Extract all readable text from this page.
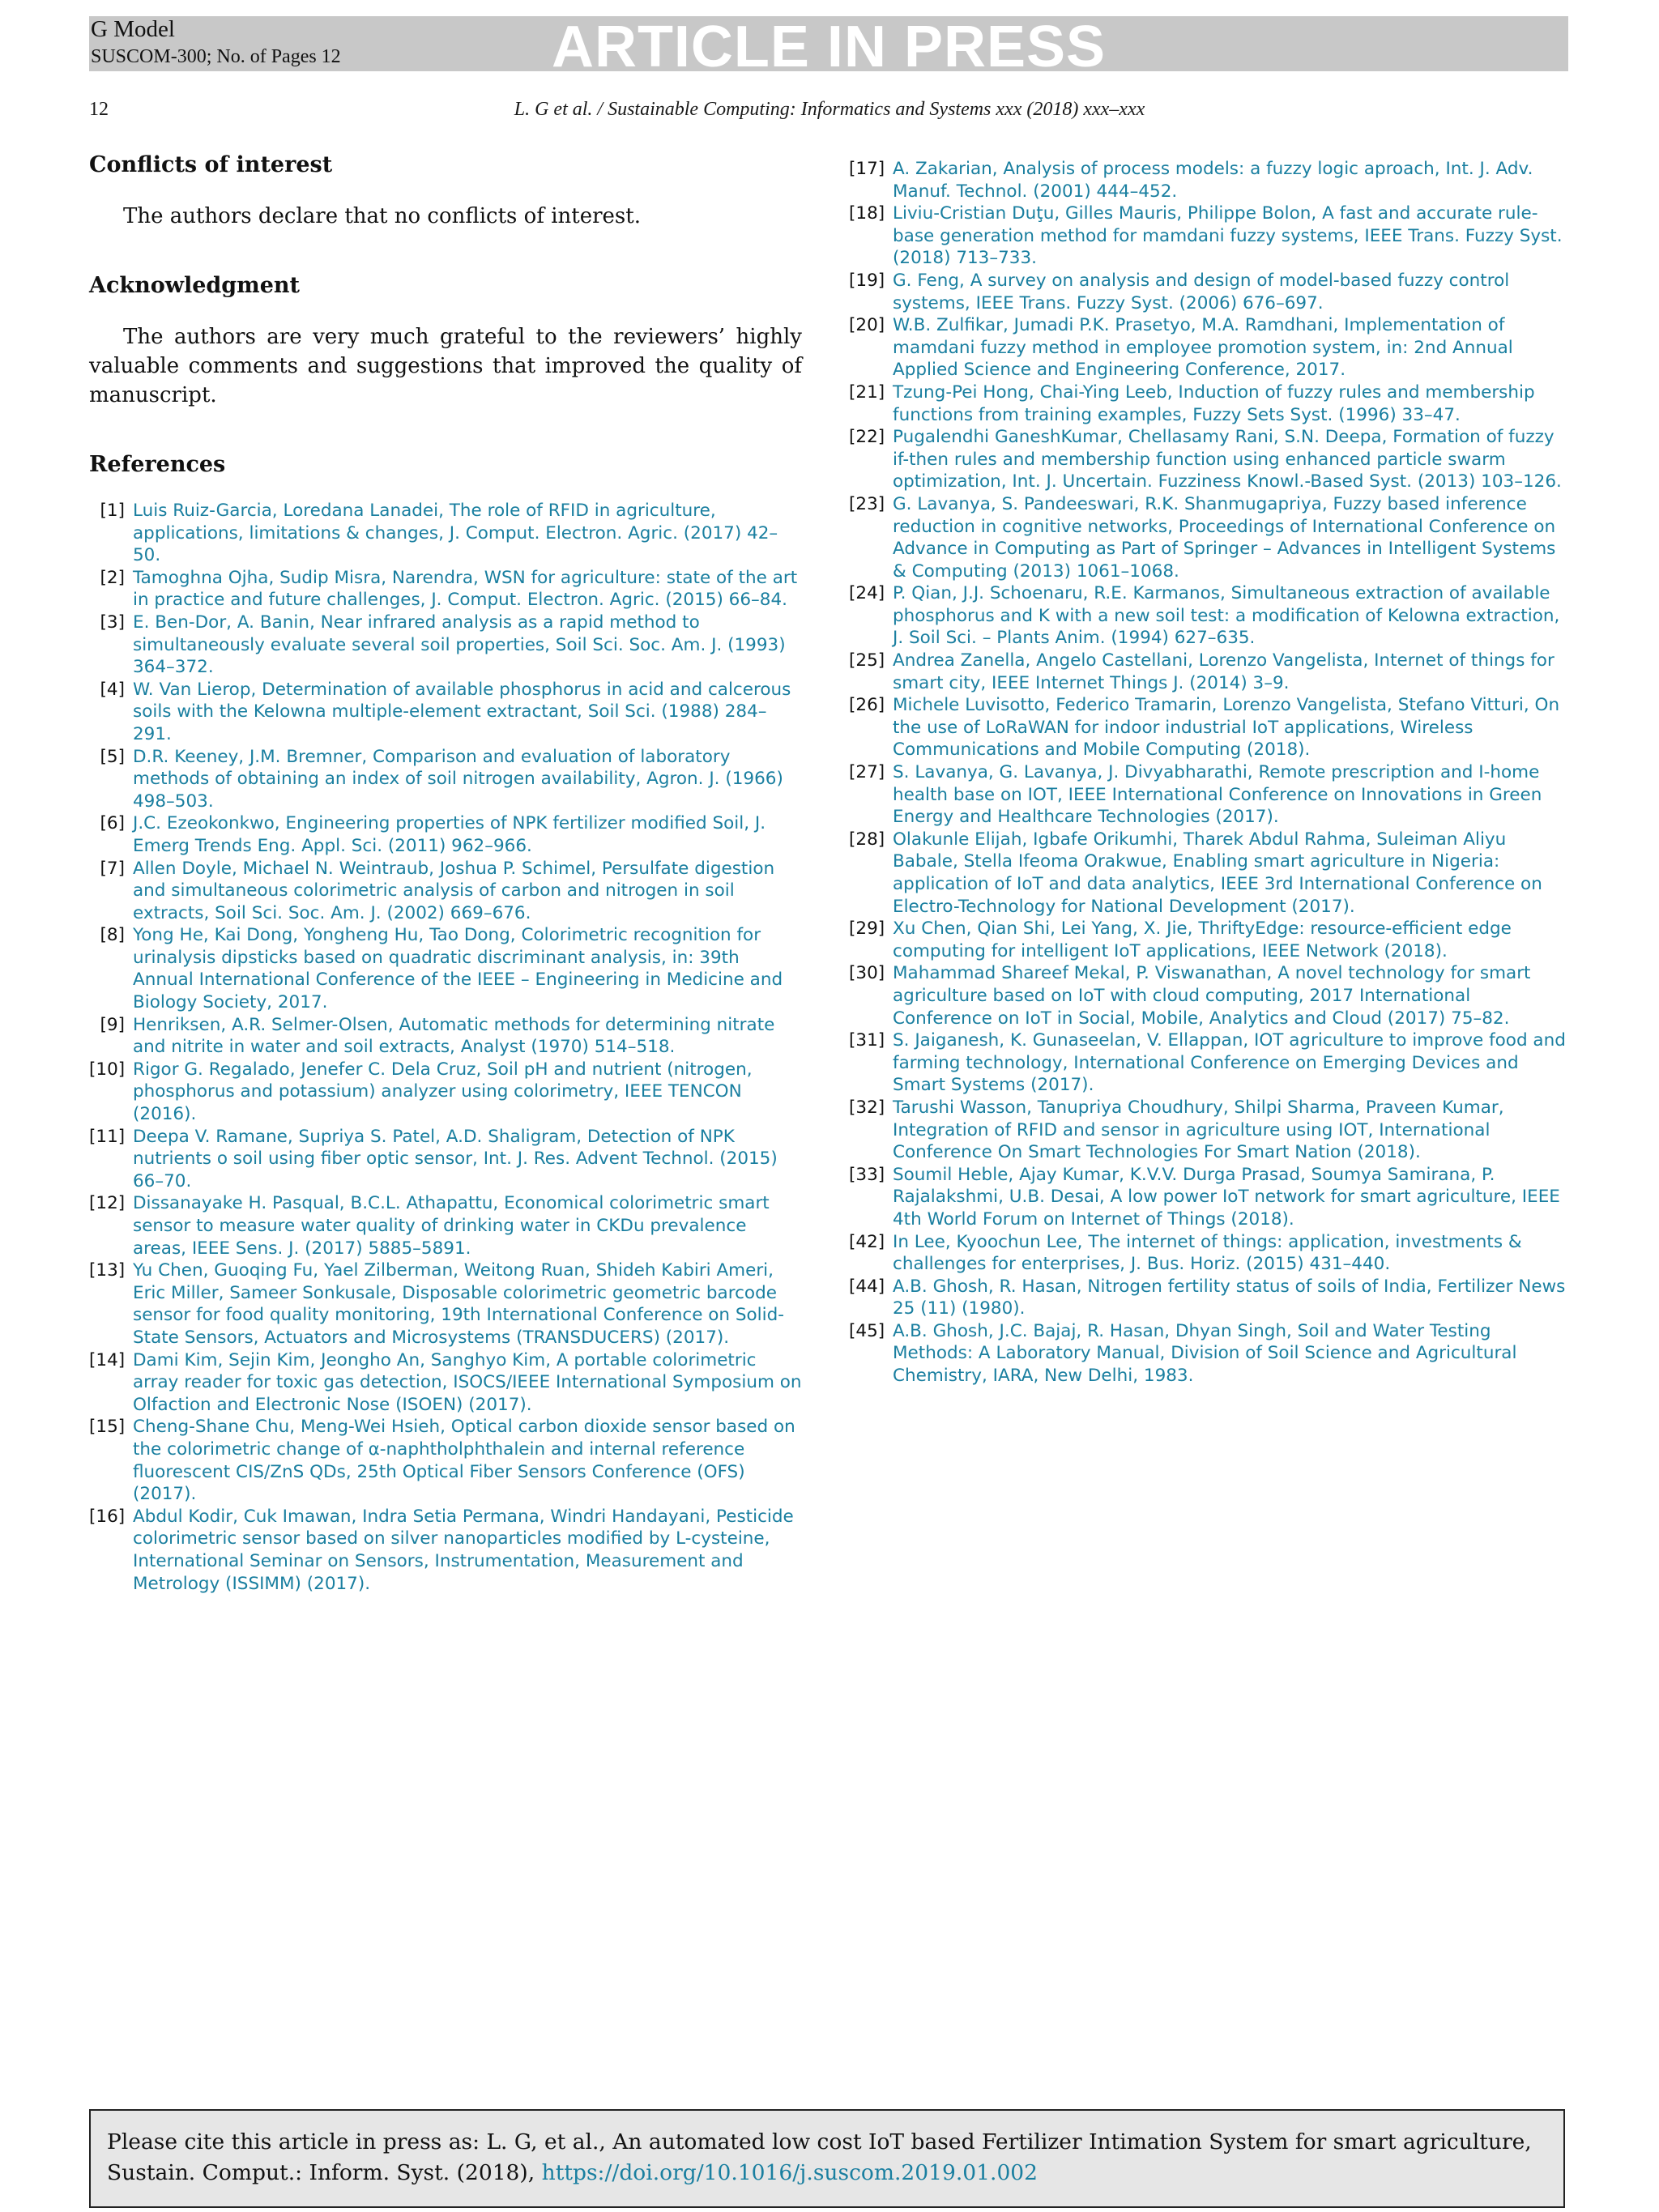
G Model
SUSCOM-300; No. of Pages 12	ARTICLE IN PRESS
12	L. G et al. / Sustainable Computing: Informatics and Systems xxx (2018) xxx–xxx
Conflicts of interest

The authors declare that no conflicts of interest.

Acknowledgment

The authors are very much grateful to the reviewers’ highly valuable comments and suggestions that improved the quality of manuscript.

References
[1] Luis Ruiz-Garcia, Loredana Lanadei, The role of RFID in agriculture, applications, limitations & changes, J. Comput. Electron. Agric. (2017) 42–50.
[2] Tamoghna Ojha, Sudip Misra, Narendra, WSN for agriculture: state of the art in practice and future challenges, J. Comput. Electron. Agric. (2015) 66–84.
[3] E. Ben-Dor, A. Banin, Near infrared analysis as a rapid method to simultaneously evaluate several soil properties, Soil Sci. Soc. Am. J. (1993) 364–372.
[4] W. Van Lierop, Determination of available phosphorus in acid and calcerous soils with the Kelowna multiple-element extractant, Soil Sci. (1988) 284–291.
[5] D.R. Keeney, J.M. Bremner, Comparison and evaluation of laboratory methods of obtaining an index of soil nitrogen availability, Agron. J. (1966) 498–503.
[6] J.C. Ezeokonkwo, Engineering properties of NPK fertilizer modified Soil, J. Emerg Trends Eng. Appl. Sci. (2011) 962–966.
[7] Allen Doyle, Michael N. Weintraub, Joshua P. Schimel, Persulfate digestion and simultaneous colorimetric analysis of carbon and nitrogen in soil extracts, Soil Sci. Soc. Am. J. (2002) 669–676.
[8] Yong He, Kai Dong, Yongheng Hu, Tao Dong, Colorimetric recognition for urinalysis dipsticks based on quadratic discriminant analysis, in: 39th Annual International Conference of the IEEE – Engineering in Medicine and Biology Society, 2017.
[9] Henriksen, A.R. Selmer-Olsen, Automatic methods for determining nitrate and nitrite in water and soil extracts, Analyst (1970) 514–518.
[10] Rigor G. Regalado, Jenefer C. Dela Cruz, Soil pH and nutrient (nitrogen, phosphorus and potassium) analyzer using colorimetry, IEEE TENCON (2016).
[11] Deepa V. Ramane, Supriya S. Patel, A.D. Shaligram, Detection of NPK nutrients o soil using fiber optic sensor, Int. J. Res. Advent Technol. (2015) 66–70.
[12] Dissanayake H. Pasqual, B.C.L. Athapattu, Economical colorimetric smart sensor to measure water quality of drinking water in CKDu prevalence areas, IEEE Sens. J. (2017) 5885–5891.
[13] Yu Chen, Guoqing Fu, Yael Zilberman, Weitong Ruan, Shideh Kabiri Ameri, Eric Miller, Sameer Sonkusale, Disposable colorimetric geometric barcode sensor for food quality monitoring, 19th International Conference on Solid-State Sensors, Actuators and Microsystems (TRANSDUCERS) (2017).
[14] Dami Kim, Sejin Kim, Jeongho An, Sanghyo Kim, A portable colorimetric array reader for toxic gas detection, ISOCS/IEEE International Symposium on Olfaction and Electronic Nose (ISOEN) (2017).
[15] Cheng-Shane Chu, Meng-Wei Hsieh, Optical carbon dioxide sensor based on the colorimetric change of α-naphtholphthalein and internal reference fluorescent CIS/ZnS QDs, 25th Optical Fiber Sensors Conference (OFS) (2017).
[16] Abdul Kodir, Cuk Imawan, Indra Setia Permana, Windri Handayani, Pesticide colorimetric sensor based on silver nanoparticles modified by L-cysteine, International Seminar on Sensors, Instrumentation, Measurement and Metrology (ISSIMM) (2017).
[17] A. Zakarian, Analysis of process models: a fuzzy logic aproach, Int. J. Adv. Manuf. Technol. (2001) 444–452.
[18] Liviu-Cristian Duţu, Gilles Mauris, Philippe Bolon, A fast and accurate rule-base generation method for mamdani fuzzy systems, IEEE Trans. Fuzzy Syst. (2018) 713–733.
[19] G. Feng, A survey on analysis and design of model-based fuzzy control systems, IEEE Trans. Fuzzy Syst. (2006) 676–697.
[20] W.B. Zulfikar, Jumadi P.K. Prasetyo, M.A. Ramdhani, Implementation of mamdani fuzzy method in employee promotion system, in: 2nd Annual Applied Science and Engineering Conference, 2017.
[21] Tzung-Pei Hong, Chai-Ying Leeb, Induction of fuzzy rules and membership functions from training examples, Fuzzy Sets Syst. (1996) 33–47.
[22] Pugalendhi GaneshKumar, Chellasamy Rani, S.N. Deepa, Formation of fuzzy if-then rules and membership function using enhanced particle swarm optimization, Int. J. Uncertain. Fuzziness Knowl.-Based Syst. (2013) 103–126.
[23] G. Lavanya, S. Pandeeswari, R.K. Shanmugapriya, Fuzzy based inference reduction in cognitive networks, Proceedings of International Conference on Advance in Computing as Part of Springer – Advances in Intelligent Systems & Computing (2013) 1061–1068.
[24] P. Qian, J.J. Schoenaru, R.E. Karmanos, Simultaneous extraction of available phosphorus and K with a new soil test: a modification of Kelowna extraction, J. Soil Sci. – Plants Anim. (1994) 627–635.
[25] Andrea Zanella, Angelo Castellani, Lorenzo Vangelista, Internet of things for smart city, IEEE Internet Things J. (2014) 3–9.
[26] Michele Luvisotto, Federico Tramarin, Lorenzo Vangelista, Stefano Vitturi, On the use of LoRaWAN for indoor industrial IoT applications, Wireless Communications and Mobile Computing (2018).
[27] S. Lavanya, G. Lavanya, J. Divyabharathi, Remote prescription and I-home health base on IOT, IEEE International Conference on Innovations in Green Energy and Healthcare Technologies (2017).
[28] Olakunle Elijah, Igbafe Orikumhi, Tharek Abdul Rahma, Suleiman Aliyu Babale, Stella Ifeoma Orakwue, Enabling smart agriculture in Nigeria: application of IoT and data analytics, IEEE 3rd International Conference on Electro-Technology for National Development (2017).
[29] Xu Chen, Qian Shi, Lei Yang, X. Jie, ThriftyEdge: resource-efficient edge computing for intelligent IoT applications, IEEE Network (2018).
[30] Mahammad Shareef Mekal, P. Viswanathan, A novel technology for smart agriculture based on IoT with cloud computing, 2017 International Conference on IoT in Social, Mobile, Analytics and Cloud (2017) 75–82.
[31] S. Jaiganesh, K. Gunaseelan, V. Ellappan, IOT agriculture to improve food and farming technology, International Conference on Emerging Devices and Smart Systems (2017).
[32] Tarushi Wasson, Tanupriya Choudhury, Shilpi Sharma, Praveen Kumar, Integration of RFID and sensor in agriculture using IOT, International Conference On Smart Technologies For Smart Nation (2018).
[33] Soumil Heble, Ajay Kumar, K.V.V. Durga Prasad, Soumya Samirana, P. Rajalakshmi, U.B. Desai, A low power IoT network for smart agriculture, IEEE 4th World Forum on Internet of Things (2018).
[42] In Lee, Kyoochun Lee, The internet of things: application, investments & challenges for enterprises, J. Bus. Horiz. (2015) 431–440.
[44] A.B. Ghosh, R. Hasan, Nitrogen fertility status of soils of India, Fertilizer News 25 (11) (1980).
[45] A.B. Ghosh, J.C. Bajaj, R. Hasan, Dhyan Singh, Soil and Water Testing Methods: A Laboratory Manual, Division of Soil Science and Agricultural Chemistry, IARA, New Delhi, 1983.
Please cite this article in press as: L. G, et al., An automated low cost IoT based Fertilizer Intimation System for smart agriculture, Sustain. Comput.: Inform. Syst. (2018), https://doi.org/10.1016/j.suscom.2019.01.002
